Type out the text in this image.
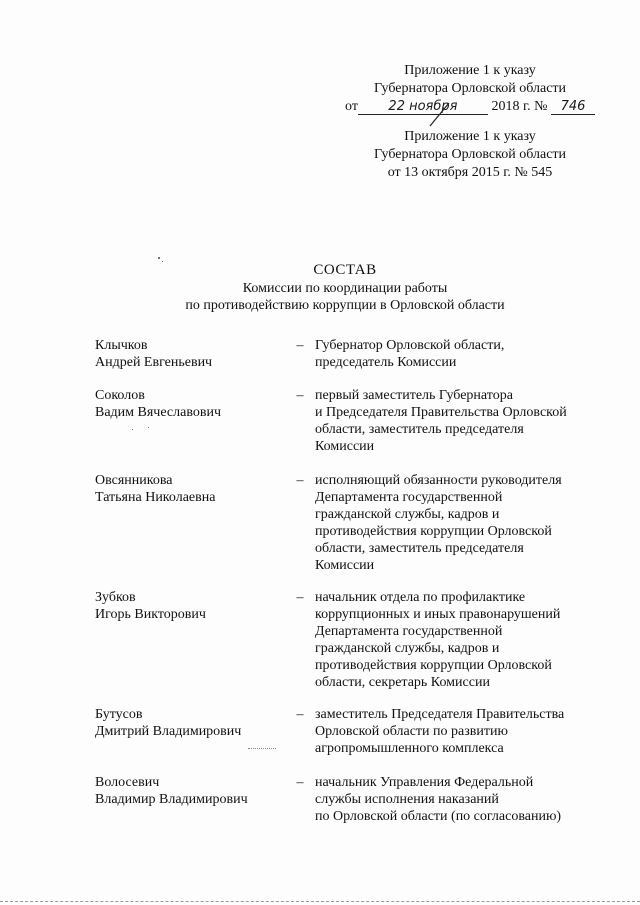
Приложение 1 к указу
Губернатора Орловской области
от 22 ноября 2018 г. № 746
Приложение 1 к указу
Губернатора Орловской области
от 13 октября 2015 г. № 545
СОСТАВ
Комиссии по координации работы
по противодействию коррупции в Орловской области
Клычков
Андрей Евгеньевич
– Губернатор Орловской области,
председатель Комиссии
Соколов
Вадим Вячеславович
– первый заместитель Губернатора
и Председателя Правительства Орловской
области, заместитель председателя
Комиссии
Овсянникова
Татьяна Николаевна
– исполняющий обязанности руководителя
Департамента государственной
гражданской службы, кадров и
противодействия коррупции Орловской
области, заместитель председателя
Комиссии
Зубков
Игорь Викторович
– начальник отдела по профилактике
коррупционных и иных правонарушений
Департамента государственной
гражданской службы, кадров и
противодействия коррупции Орловской
области, секретарь Комиссии
Бутусов
Дмитрий Владимирович
– заместитель Председателя Правительства
Орловской области по развитию
агропромышленного комплекса
Волосевич
Владимир Владимирович
– начальник Управления Федеральной
службы исполнения наказаний
по Орловской области (по согласованию)
